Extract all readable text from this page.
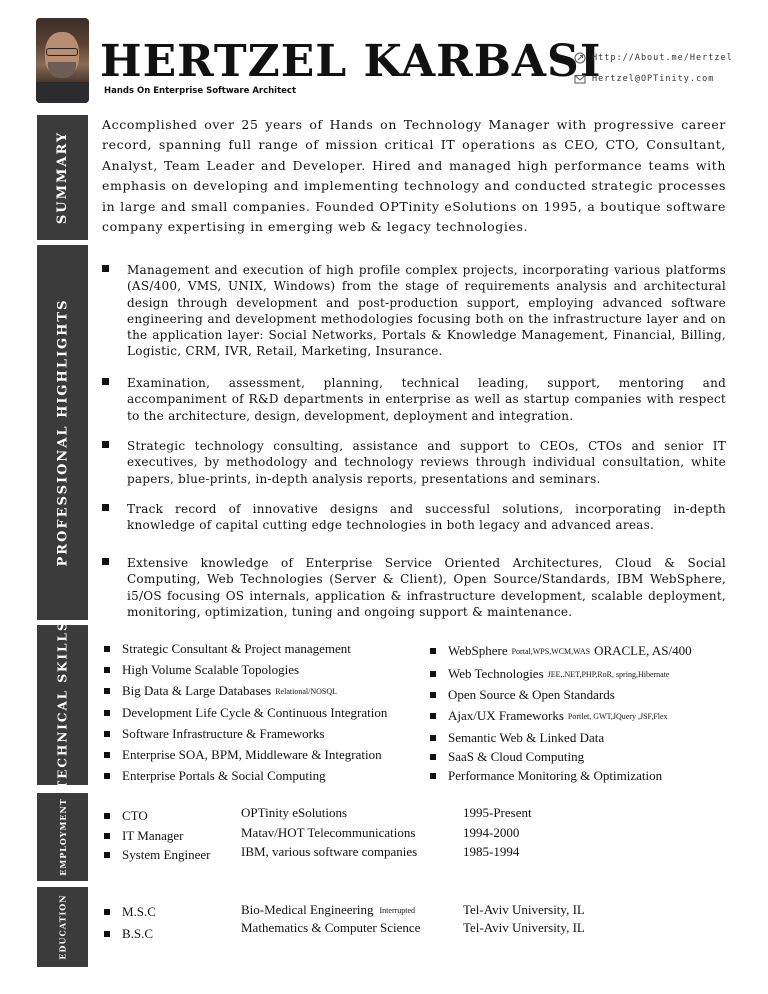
HERTZEL KARBASI
Hands On Enterprise Software Architect
Http://About.me/Hertzel
Hertzel@OPTinity.com
SUMMARY
PROFESSIONAL HIGHLIGHTS
TECHNICAL SKILLS
EMPLOYMENT
EDUCATION
Accomplished over 25 years of Hands on Technology Manager with progressive career record, spanning full range of mission critical IT operations as CEO, CTO, Consultant, Analyst, Team Leader and Developer. Hired and managed high performance teams with emphasis on developing and implementing technology and conducted strategic processes in large and small companies. Founded OPTinity eSolutions on 1995, a boutique software company expertising in emerging web & legacy technologies.
Management and execution of high profile complex projects, incorporating various platforms (AS/400, VMS, UNIX, Windows) from the stage of requirements analysis and architectural design through development and post-production support, employing advanced software engineering and development methodologies focusing both on the infrastructure layer and on the application layer: Social Networks, Portals & Knowledge Management, Financial, Billing, Logistic, CRM, IVR, Retail, Marketing, Insurance.
Examination, assessment, planning, technical leading, support, mentoring and accompaniment of R&D departments in enterprise as well as startup companies with respect to the architecture, design, development, deployment and integration.
Strategic technology consulting, assistance and support to CEOs, CTOs and senior IT executives, by methodology and technology reviews through individual consultation, white papers, blue-prints, in-depth analysis reports, presentations and seminars.
Track record of innovative designs and successful solutions, incorporating in-depth knowledge of capital cutting edge technologies in both legacy and advanced areas.
Extensive knowledge of Enterprise Service Oriented Architectures, Cloud & Social Computing, Web Technologies (Server & Client), Open Source/Standards, IBM WebSphere, i5/OS focusing OS internals, application & infrastructure development, scalable deployment, monitoring, optimization, tuning and ongoing support & maintenance.
Strategic Consultant & Project management
High Volume Scalable Topologies
Big Data & Large Databases Relational/NOSQL
Development Life Cycle & Continuous Integration
Software Infrastructure & Frameworks
Enterprise SOA, BPM, Middleware & Integration
Enterprise Portals & Social Computing
WebSphere Portal,WPS,WCM,WAS ORACLE, AS/400
Web Technologies JEE,.NET,PHP,RoR, spring,Hibernate
Open Source & Open Standards
Ajax/UX Frameworks Portlet, GWT,JQuery ,JSF,Flex
Semantic Web & Linked Data
SaaS & Cloud Computing
Performance Monitoring & Optimization
CTO
IT Manager
System Engineer
OPTinity eSolutions
Matav/HOT Telecommunications
IBM, various software companies
1995-Present
1994-2000
1985-1994
M.S.C
B.S.C
Bio-Medical Engineering Interrupted
Mathematics & Computer Science
Tel-Aviv University, IL
Tel-Aviv University, IL
